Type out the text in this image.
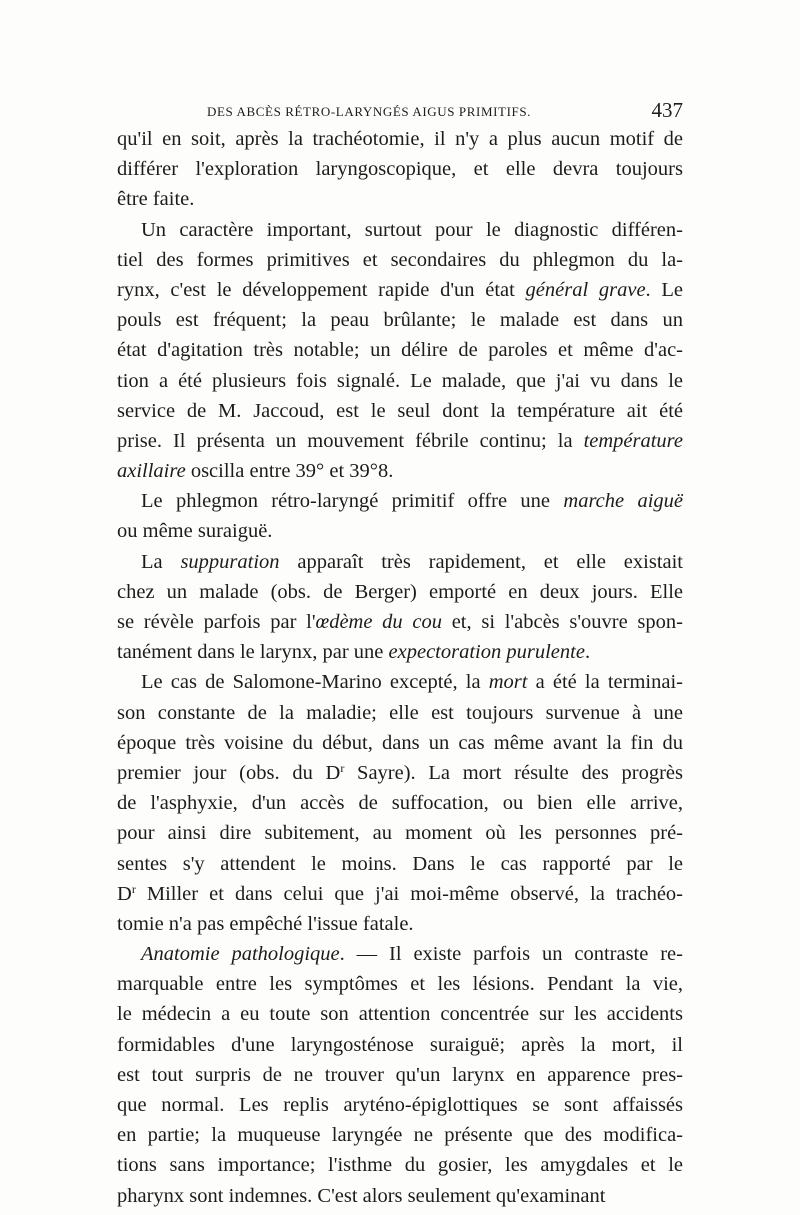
DES ABCÈS RÉTRO-LARYNGÉS AIGUS PRIMITIFS.	437
qu'il en soit, après la trachéotomie, il n'y a plus aucun motif de
différer l'exploration laryngoscopique, et elle devra toujours
être faite.
Un caractère important, surtout pour le diagnostic différen-
tiel des formes primitives et secondaires du phlegmon du la-
rynx, c'est le développement rapide d'un état général grave. Le
pouls est fréquent; la peau brûlante; le malade est dans un
état d'agitation très notable; un délire de paroles et même d'ac-
tion a été plusieurs fois signalé. Le malade, que j'ai vu dans le
service de M. Jaccoud, est le seul dont la température ait été
prise. Il présenta un mouvement fébrile continu; la température
axillaire oscilla entre 39° et 39°8.
Le phlegmon rétro-laryngé primitif offre une marche aiguë
ou même suraiguë.
La suppuration apparaît très rapidement, et elle existait
chez un malade (obs. de Berger) emporté en deux jours. Elle
se révèle parfois par l'œdème du cou et, si l'abcès s'ouvre spon-
tanément dans le larynx, par une expectoration purulente.
Le cas de Salomone-Marino excepté, la mort a été la terminai-
son constante de la maladie; elle est toujours survenue à une
époque très voisine du début, dans un cas même avant la fin du
premier jour (obs. du $D^r$ Sayre). La mort résulte des progrès
de l'asphyxie, d'un accès de suffocation, ou bien elle arrive,
pour ainsi dire subitement, au moment où les personnes pré-
sentes s'y attendent le moins. Dans le cas rapporté par le
$D^r$ Miller et dans celui que j'ai moi-même observé, la trachéo-
tomie n'a pas empêché l'issue fatale.
Anatomie pathologique. — Il existe parfois un contraste re-
marquable entre les symptômes et les lésions. Pendant la vie,
le médecin a eu toute son attention concentrée sur les accidents
formidables d'une laryngosténose suraiguë; après la mort, il
est tout surpris de ne trouver qu'un larynx en apparence pres-
que normal. Les replis aryténo-épiglottiques se sont affaissés
en partie; la muqueuse laryngée ne présente que des modifica-
tions sans importance; l'isthme du gosier, les amygdales et le
pharynx sont indemnes. C'est alors seulement qu'examinant
